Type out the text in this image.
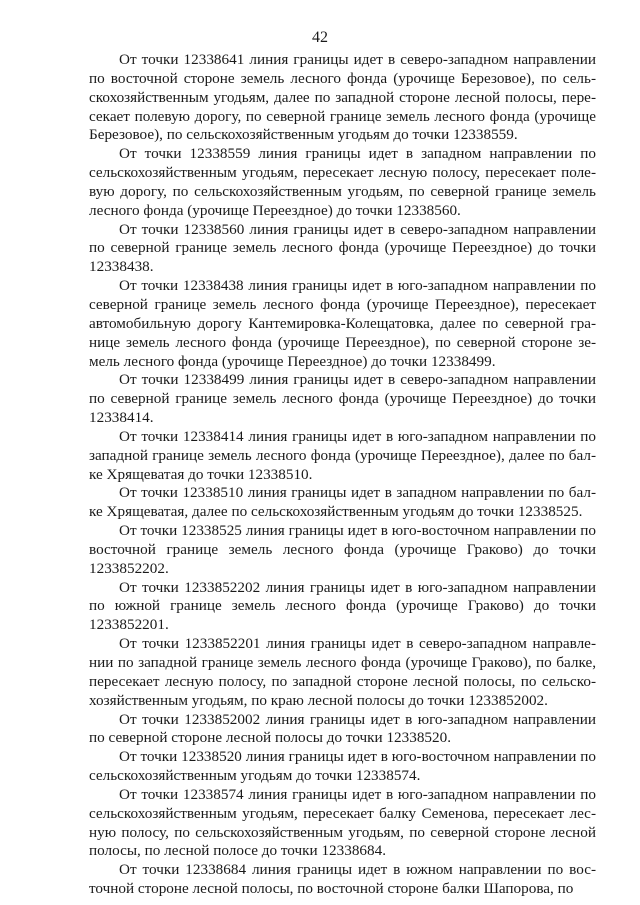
42

От точки 12338641 линия границы идет в северо-западном направлении по восточной стороне земель лесного фонда (урочище Березовое), по сельскохозяйственным угодьям, далее по западной стороне лесной полосы, пересекает полевую дорогу, по северной границе земель лесного фонда (урочище Березовое), по сельскохозяйственным угодьям до точки 12338559.

От точки 12338559 линия границы идет в западном направлении по сельскохозяйственным угодьям, пересекает лесную полосу, пересекает полевую дорогу, по сельскохозяйственным угодьям, по северной границе земель лесного фонда (урочище Переездное) до точки 12338560.

От точки 12338560 линия границы идет в северо-западном направлении по северной границе земель лесного фонда (урочище Переездное) до точки 12338438.

От точки 12338438 линия границы идет в юго-западном направлении по северной границе земель лесного фонда (урочище Переездное), пересекает автомобильную дорогу Кантемировка-Колещатовка, далее по северной границе земель лесного фонда (урочище Переездное), по северной стороне земель лесного фонда (урочище Переездное) до точки 12338499.

От точки 12338499 линия границы идет в северо-западном направлении по северной границе земель лесного фонда (урочище Переездное) до точки 12338414.

От точки 12338414 линия границы идет в юго-западном направлении по западной границе земель лесного фонда (урочище Переездное), далее по балке Хрящеватая до точки 12338510.

От точки 12338510 линия границы идет в западном направлении по балке Хрящеватая, далее по сельскохозяйственным угодьям до точки 12338525.

От точки 12338525 линия границы идет в юго-восточном направлении по восточной границе земель лесного фонда (урочище Граково) до точки 1233852202.

От точки 1233852202 линия границы идет в юго-западном направлении по южной границе земель лесного фонда (урочище Граково) до точки 1233852201.

От точки 1233852201 линия границы идет в северо-западном направлении по западной границе земель лесного фонда (урочище Граково), по балке, пересекает лесную полосу, по западной стороне лесной полосы, по сельскохозяйственным угодьям, по краю лесной полосы до точки 1233852002.

От точки 1233852002 линия границы идет в юго-западном направлении по северной стороне лесной полосы до точки 12338520.

От точки 12338520 линия границы идет в юго-восточном направлении по сельскохозяйственным угодьям до точки 12338574.

От точки 12338574 линия границы идет в юго-западном направлении по сельскохозяйственным угодьям, пересекает балку Семенова, пересекает лесную полосу, по сельскохозяйственным угодьям, по северной стороне лесной полосы, по лесной полосе до точки 12338684.

От точки 12338684 линия границы идет в южном направлении по восточной стороне лесной полосы, по восточной стороне балки Шапорова, по
